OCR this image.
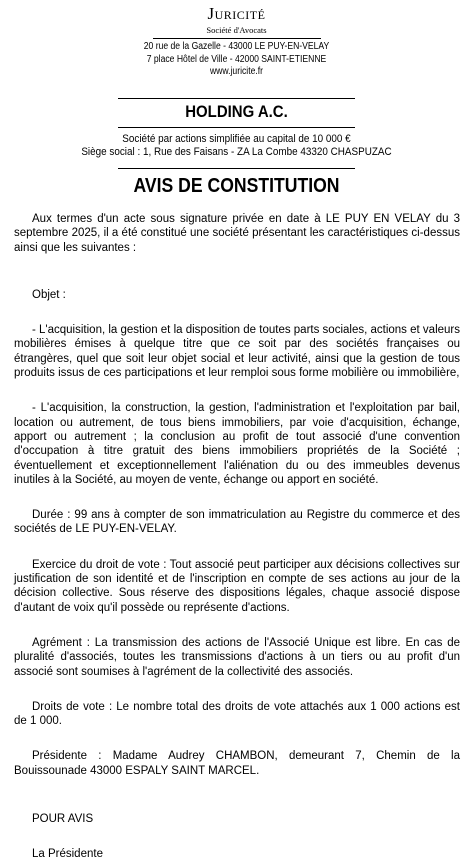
Juricité
Société d'Avocats
20 rue de la Gazelle - 43000 LE PUY-EN-VELAY
7 place Hôtel de Ville - 42000 SAINT-ETIENNE
www.juricite.fr
HOLDING A.C.
Société par actions simplifiée au capital de 10 000 €
Siège social : 1, Rue des Faisans - ZA La Combe 43320 CHASPUZAC
AVIS DE CONSTITUTION

Aux termes d'un acte sous signature privée en date à LE PUY EN VELAY du 3 septembre 2025, il a été constitué une société présentant les caractéristiques ci-dessus ainsi que les suivantes :

Objet :

- L'acquisition, la gestion et la disposition de toutes parts sociales, actions et valeurs mobilières émises à quelque titre que ce soit par des sociétés françaises ou étrangères, quel que soit leur objet social et leur activité, ainsi que la gestion de tous produits issus de ces participations et leur remploi sous forme mobilière ou immobilière,

- L'acquisition, la construction, la gestion, l'administration et l'exploitation par bail, location ou autrement, de tous biens immobiliers, par voie d'acquisition, échange, apport ou autrement ; la conclusion au profit de tout associé d'une convention d'occupation à titre gratuit des biens immobiliers propriétés de la Société ; éventuellement et exceptionnellement l'aliénation du ou des immeubles devenus inutiles à la Société, au moyen de vente, échange ou apport en société.

Durée : 99 ans à compter de son immatriculation au Registre du commerce et des sociétés de LE PUY-EN-VELAY.

Exercice du droit de vote : Tout associé peut participer aux décisions collectives sur justification de son identité et de l'inscription en compte de ses actions au jour de la décision collective. Sous réserve des dispositions légales, chaque associé dispose d'autant de voix qu'il possède ou représente d'actions.

Agrément : La transmission des actions de l'Associé Unique est libre. En cas de pluralité d'associés, toutes les transmissions d'actions à un tiers ou au profit d'un associé sont soumises à l'agrément de la collectivité des associés.

Droits de vote : Le nombre total des droits de vote attachés aux 1 000 actions est de 1 000.

Présidente : Madame Audrey CHAMBON, demeurant 7, Chemin de la Bouissounade 43000 ESPALY SAINT MARCEL.

POUR AVIS

La Présidente
